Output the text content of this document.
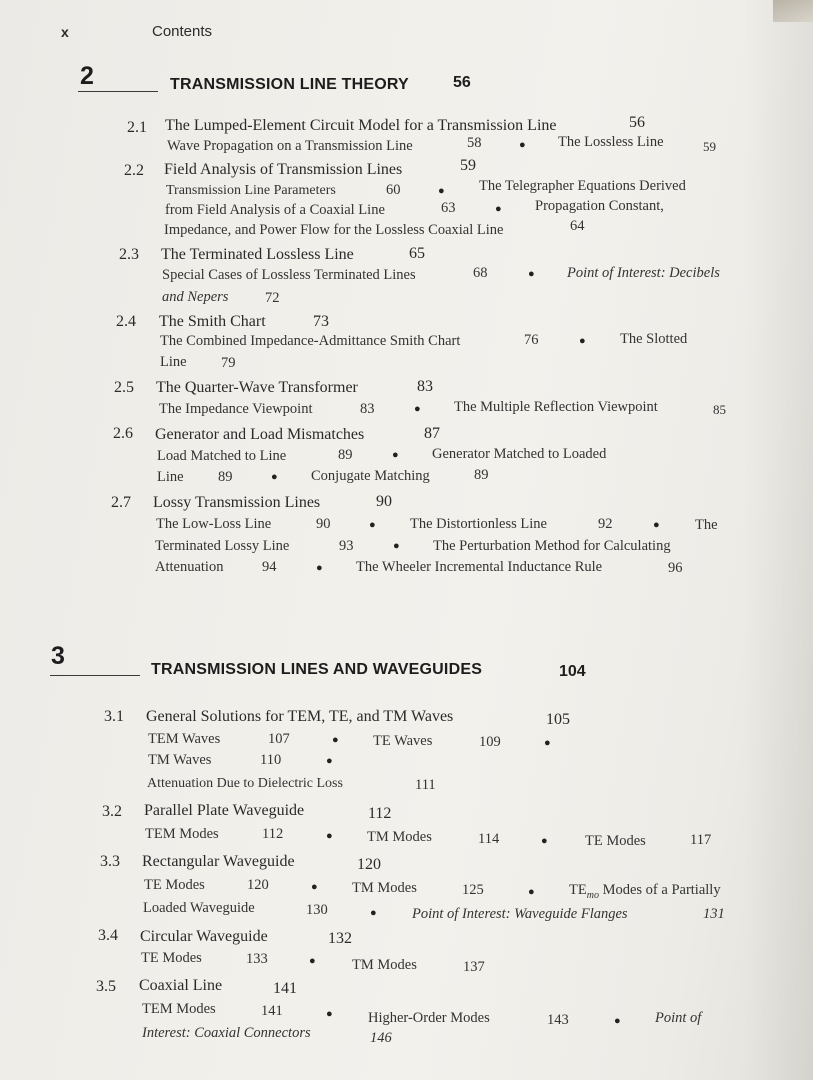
x	Contents
2	TRANSMISSION LINE THEORY	56
2.1 The Lumped-Element Circuit Model for a Transmission Line	56
Wave Propagation on a Transmission Line	58	● The Lossless Line	59
2.2 Field Analysis of Transmission Lines	59
Transmission Line Parameters	60	● The Telegrapher Equations Derived
from Field Analysis of a Coaxial Line	63	● Propagation Constant,
Impedance, and Power Flow for the Lossless Coaxial Line	64
2.3 The Terminated Lossless Line	65
Special Cases of Lossless Terminated Lines	68	● Point of Interest: Decibels
and Nepers	72
2.4 The Smith Chart	73
The Combined Impedance-Admittance Smith Chart	76	● The Slotted
Line 79
2.5 The Quarter-Wave Transformer	83
The Impedance Viewpoint	83	● The Multiple Reflection Viewpoint	85
2.6 Generator and Load Mismatches	87
Load Matched to Line	89	● Generator Matched to Loaded
Line 89	● Conjugate Matching	89
2.7 Lossy Transmission Lines	90
The Low-Loss Line	90	● The Distortionless Line	92	● The
Terminated Lossy Line	93	● The Perturbation Method for Calculating
Attenuation	94	● The Wheeler Incremental Inductance Rule	96
3	TRANSMISSION LINES AND WAVEGUIDES	104
3.1 General Solutions for TEM, TE, and TM Waves	105
TEM Waves	107	● TE Waves	109	●
TM Waves	110	●
Attenuation Due to Dielectric Loss	111
3.2 Parallel Plate Waveguide	112
TEM Modes	112	● TM Modes	114	●	TE Modes	117
3.3 Rectangular Waveguide	120
TE Modes	120	● TM Modes	125	● $TE_{mo}$ Modes of a Partially
Loaded Waveguide	130	● Point of Interest: Waveguide Flanges	131
3.4 Circular Waveguide	132
TE Modes	133	●	TM Modes	137
3.5 Coaxial Line	141
TEM Modes	141	● Higher-Order Modes	143	● Point of
Interest: Coaxial Connectors	146
